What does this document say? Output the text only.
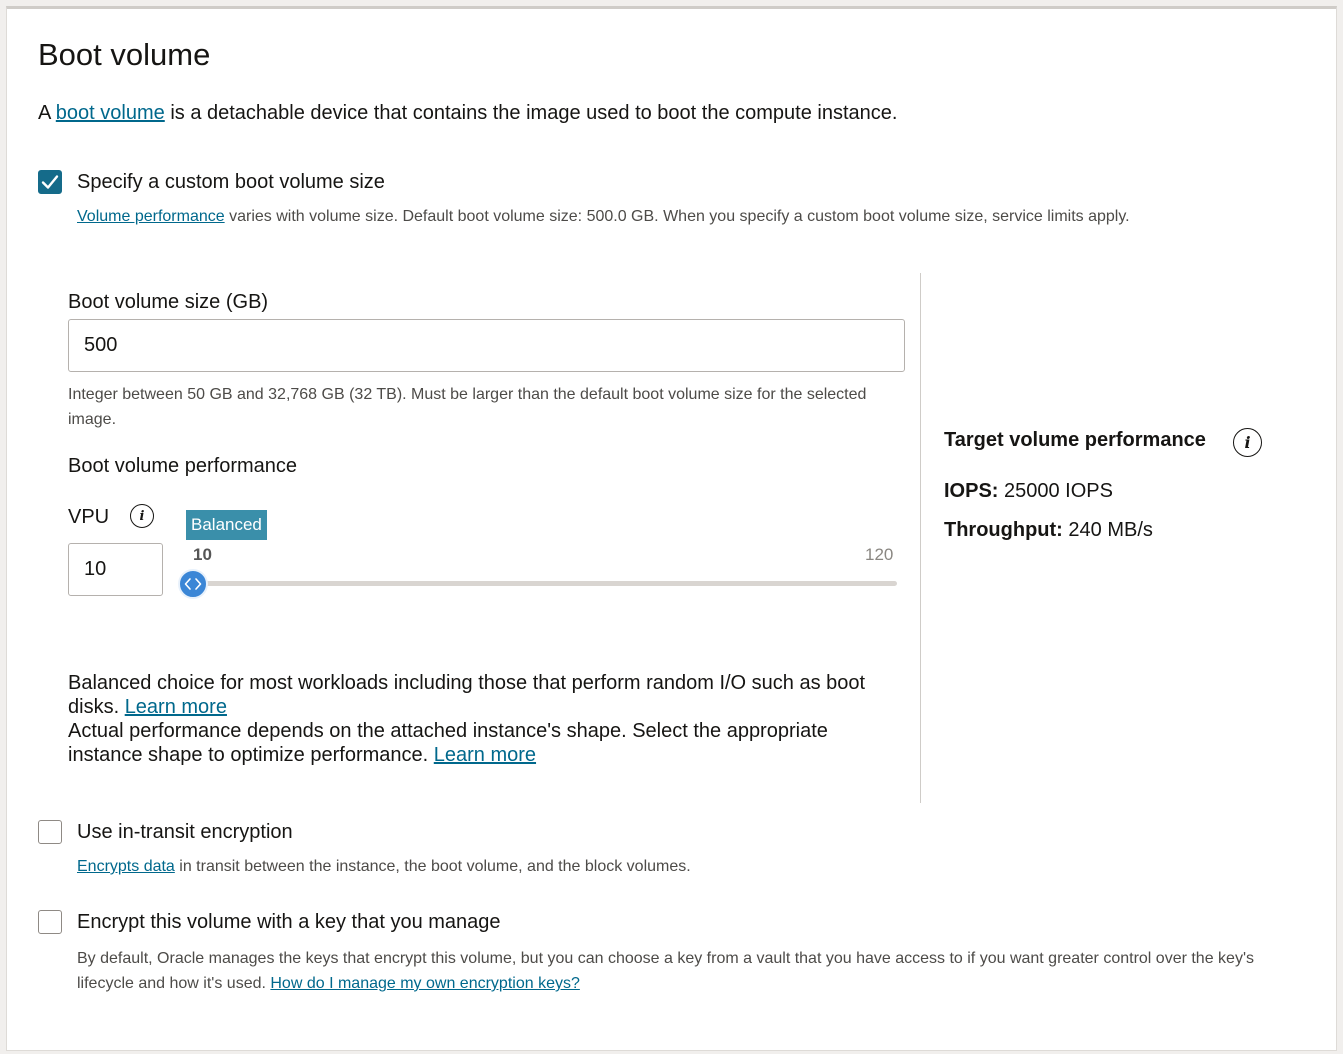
Boot volume
A boot volume is a detachable device that contains the image used to boot the compute instance.
Specify a custom boot volume size
Volume performance varies with volume size. Default boot volume size: 500.0 GB. When you specify a custom boot volume size, service limits apply.
Boot volume size (GB)
500
Integer between 50 GB and 32,768 GB (32 TB). Must be larger than the default boot volume size for the selected image.
Boot volume performance
VPU	i	Balanced
10
10	120
Balanced choice for most workloads including those that perform random I/O such as boot disks. Learn more
Actual performance depends on the attached instance's shape. Select the appropriate instance shape to optimize performance. Learn more
Target volume performance	i
IOPS: 25000 IOPS
Throughput: 240 MB/s
Use in-transit encryption
Encrypts data in transit between the instance, the boot volume, and the block volumes.
Encrypt this volume with a key that you manage
By default, Oracle manages the keys that encrypt this volume, but you can choose a key from a vault that you have access to if you want greater control over the key's lifecycle and how it's used. How do I manage my own encryption keys?
